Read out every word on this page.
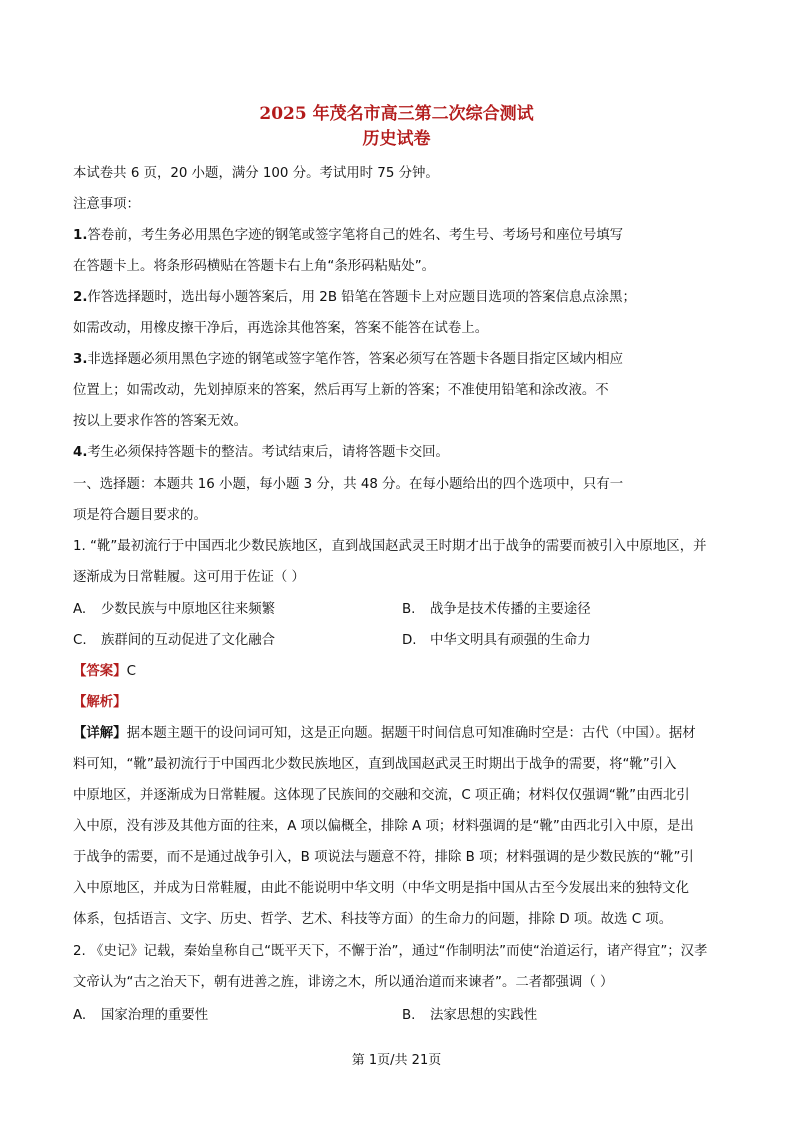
2025 年茂名市高三第二次综合测试
历史试卷
本试卷共 6 页，20 小题，满分 100 分。考试用时 75 分钟。
注意事项：
1.答卷前，考生务必用黑色字迹的钢笔或签字笔将自己的姓名、考生号、考场号和座位号填写
在答题卡上。将条形码横贴在答题卡右上角“条形码粘贴处”。
2.作答选择题时，选出每小题答案后，用 2B 铅笔在答题卡上对应题目选项的答案信息点涂黑；
如需改动，用橡皮擦干净后，再选涂其他答案，答案不能答在试卷上。
3.非选择题必须用黑色字迹的钢笔或签字笔作答，答案必须写在答题卡各题目指定区域内相应
位置上；如需改动，先划掉原来的答案，然后再写上新的答案；不准使用铅笔和涂改液。不
按以上要求作答的答案无效。
4.考生必须保持答题卡的整洁。考试结束后，请将答题卡交回。
一、选择题：本题共 16 小题，每小题 3 分，共 48 分。在每小题给出的四个选项中，只有一
项是符合题目要求的。
1. “靴”最初流行于中国西北少数民族地区，直到战国赵武灵王时期才出于战争的需要而被引入中原地区，并
逐渐成为日常鞋履。这可用于佐证（ ）
A. 少数民族与中原地区往来频繁	B. 战争是技术传播的主要途径
C. 族群间的互动促进了文化融合	D. 中华文明具有顽强的生命力
【答案】C
【解析】
【详解】据本题主题干的设问词可知，这是正向题。据题干时间信息可知准确时空是：古代（中国）。据材
料可知，“靴”最初流行于中国西北少数民族地区，直到战国赵武灵王时期出于战争的需要，将“靴”引入
中原地区，并逐渐成为日常鞋履。这体现了民族间的交融和交流，C 项正确；材料仅仅强调“靴”由西北引
入中原，没有涉及其他方面的往来，A 项以偏概全，排除 A 项；材料强调的是“靴”由西北引入中原，是出
于战争的需要，而不是通过战争引入，B 项说法与题意不符，排除 B 项；材料强调的是少数民族的“靴”引
入中原地区，并成为日常鞋履，由此不能说明中华文明（中华文明是指中国从古至今发展出来的独特文化
体系，包括语言、文字、历史、哲学、艺术、科技等方面）的生命力的问题，排除 D 项。故选 C 项。
2. 《史记》记载，秦始皇称自己“既平天下，不懈于治”，通过“作制明法”而使“治道运行，诸产得宜”；汉孝
文帝认为“古之治天下，朝有进善之旌，诽谤之木，所以通治道而来谏者”。二者都强调（ ）
A. 国家治理的重要性	B. 法家思想的实践性
第 1页/共 21页
